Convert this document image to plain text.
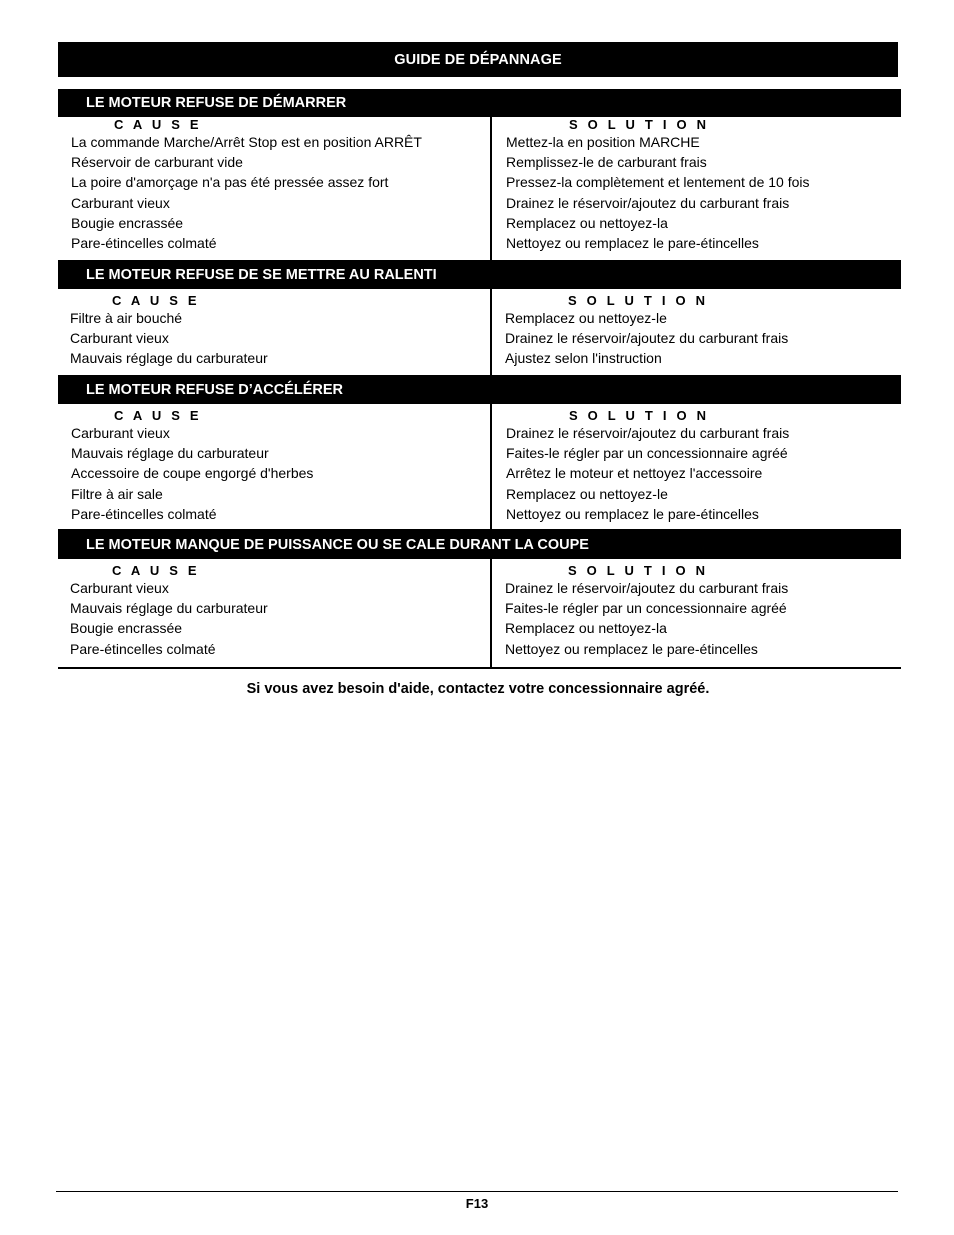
GUIDE DE DÉPANNAGE
LE MOTEUR REFUSE DE DÉMARRER
C A U S E
La commande Marche/Arrêt Stop est en position ARRÊT
Réservoir de carburant vide
La poire d'amorçage n'a pas été pressée assez fort
Carburant vieux
Bougie encrassée
Pare-étincelles colmaté
S O L U T I O N
Mettez-la en position MARCHE
Remplissez-le de carburant frais
Pressez-la complètement et lentement de 10 fois
Drainez le réservoir/ajoutez du carburant frais
Remplacez ou nettoyez-la
Nettoyez ou remplacez le pare-étincelles
LE MOTEUR REFUSE DE SE METTRE AU RALENTI
C A U S E
Filtre à air bouché
Carburant vieux
Mauvais réglage du carburateur
S O L U T I O N
Remplacez ou nettoyez-le
Drainez le réservoir/ajoutez du carburant frais
Ajustez selon l'instruction
LE MOTEUR REFUSE D’ACCÉLÉRER
C A U S E
Carburant vieux
Mauvais réglage du carburateur
Accessoire de coupe engorgé d'herbes
Filtre à air sale
Pare-étincelles colmaté
S O L U T I O N
Drainez le réservoir/ajoutez du carburant frais
Faites-le régler par un concessionnaire agréé
Arrêtez le moteur et nettoyez l'accessoire
Remplacez ou nettoyez-le
Nettoyez ou remplacez le pare-étincelles
LE MOTEUR MANQUE DE PUISSANCE OU SE CALE DURANT LA COUPE
C A U S E
Carburant vieux
Mauvais réglage du carburateur
Bougie encrassée
Pare-étincelles colmaté
S O L U T I O N
Drainez le réservoir/ajoutez du carburant frais
Faites-le régler par un concessionnaire agréé
Remplacez ou nettoyez-la
Nettoyez ou remplacez le pare-étincelles
Si vous avez besoin d'aide, contactez votre concessionnaire agréé.
F13
